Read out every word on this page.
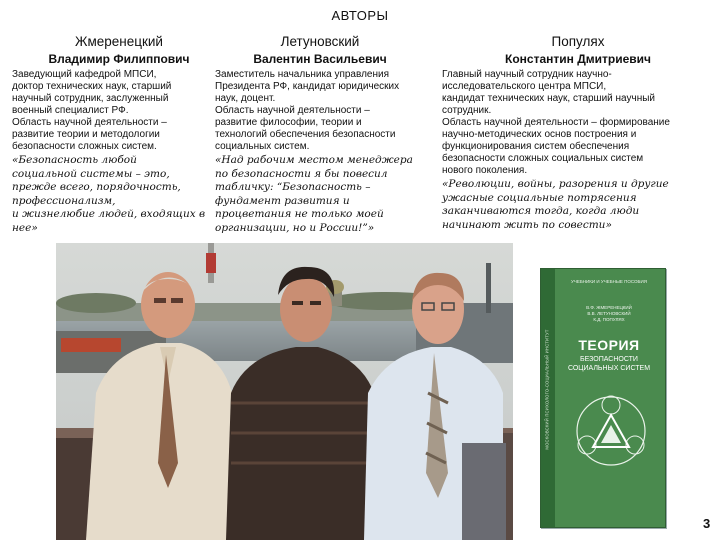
АВТОРЫ
Жмеренецкий
Владимир Филиппович

Заведующий кафедрой МПСИ,

доктор технических наук, старший

научный сотрудник, заслуженный

военный специалист РФ.

Область научной деятельности –

развитие теории и методологии

безопасности сложных систем.

«Безопасность любой
социальной системы – это,
прежде всего, порядочность,
профессионализм,
и жизнелюбие людей, входящих в
нее»
Летуновский
Валентин Васильевич

Заместитель начальника управления

Президента РФ, кандидат юридических

наук, доцент.

Область научной деятельности –

развитие философии, теории и

технологий обеспечения безопасности

социальных систем.

«Над рабочим местом менеджера
по безопасности я бы повесил
табличку: “Безопасность –
фундамент развития и
процветания не только моей
организации, но и России!”»
Популях
Константин Дмитриевич

Главный научный сотрудник научно-

исследовательского центра МПСИ,

кандидат технических наук, старший научный

сотрудник.

Область научной деятельности – формирование

научно-методических основ построения и

функционирования систем обеспечения

безопасности сложных социальных систем

нового поколения.

«Революции, войны, разорения и другие
ужасные социальные потрясения
заканчиваются тогда, когда люди
начинают жить по совести»
МОСКОВСКИЙ ПСИХОЛОГО-СОЦИАЛЬНЫЙ ИНСТИТУТ
УЧЕБНИКИ И УЧЕБНЫЕ ПОСОБИЯ
В.Ф. ЖМЕРЕНЕЦКИЙ
В.В. ЛЕТУНОВСКИЙ
К.Д. ПОПУЛЯХ
ТЕОРИЯ
БЕЗОПАСНОСТИ
СОЦИАЛЬНЫХ СИСТЕМ
3
